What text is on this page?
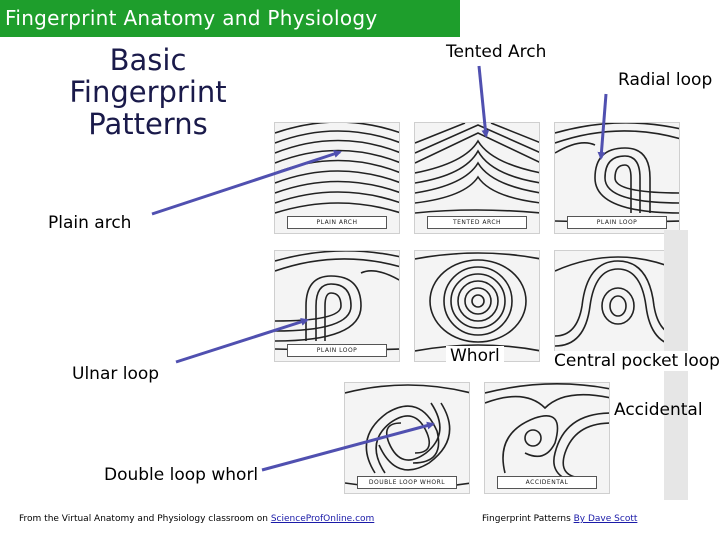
Fingerprint Anatomy and Physiology
Basic Fingerprint Patterns
PLAIN ARCH	TENTED ARCH	PLAIN LOOP
PLAIN LOOP
DOUBLE LOOP WHORL	ACCIDENTAL
Tented Arch
Radial loop
Plain arch
Ulnar loop
Whorl	Central pocket loop
Accidental
Double loop whorl
From the Virtual Anatomy and Physiology classroom on ScienceProfOnline.com	Fingerprint Patterns By Dave Scott
